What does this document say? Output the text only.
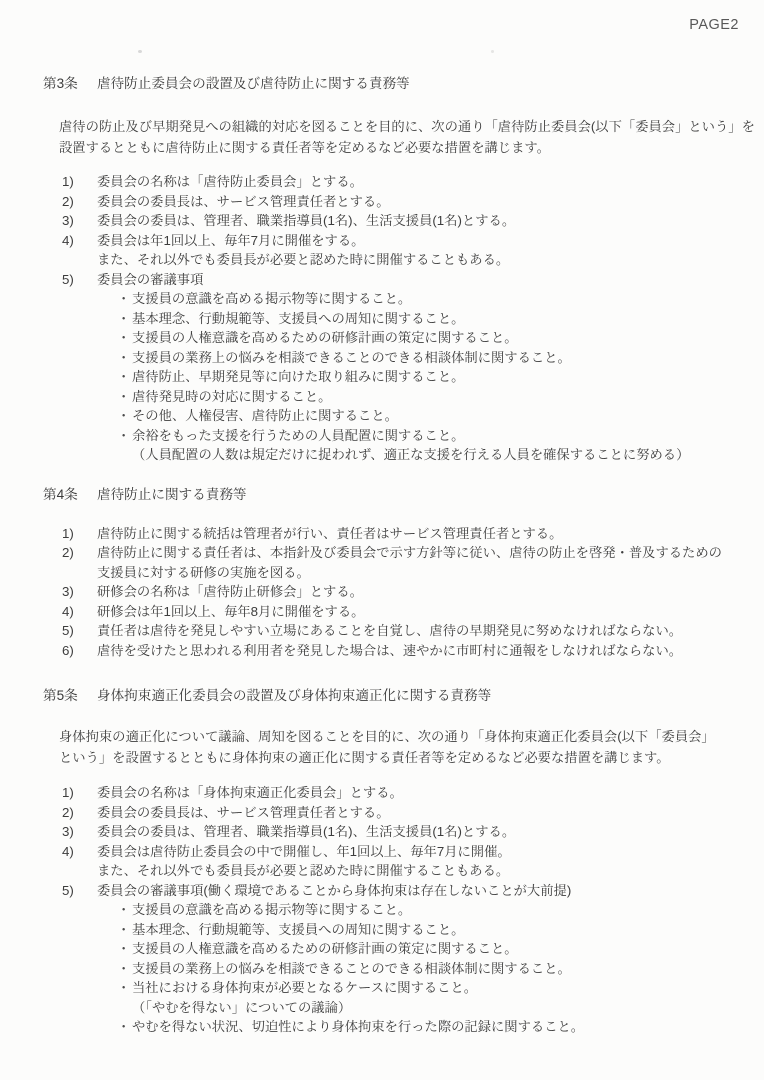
PAGE2
第3条	虐待防止委員会の設置及び虐待防止に関する責務等
虐待の防止及び早期発見への組織的対応を図ることを目的に、次の通り「虐待防止委員会(以下「委員会」という」を
設置するとともに虐待防止に関する責任者等を定めるなど必要な措置を講じます。
1)	委員会の名称は「虐待防止委員会」とする。
2)	委員会の委員長は、サービス管理責任者とする。
3)	委員会の委員は、管理者、職業指導員(1名)、生活支援員(1名)とする。
4)	委員会は年1回以上、毎年7月に開催をする。
また、それ以外でも委員長が必要と認めた時に開催することもある。
5)	委員会の審議事項
・ 支援員の意識を高める掲示物等に関すること。
・ 基本理念、行動規範等、支援員への周知に関すること。
・ 支援員の人権意識を高めるための研修計画の策定に関すること。
・ 支援員の業務上の悩みを相談できることのできる相談体制に関すること。
・ 虐待防止、早期発見等に向けた取り組みに関すること。
・ 虐待発見時の対応に関すること。
・ その他、人権侵害、虐待防止に関すること。
・ 余裕をもった支援を行うための人員配置に関すること。
（人員配置の人数は規定だけに捉われず、適正な支援を行える人員を確保することに努める）
第4条	虐待防止に関する責務等
1)	虐待防止に関する統括は管理者が行い、責任者はサービス管理責任者とする。
2)	虐待防止に関する責任者は、本指針及び委員会で示す方針等に従い、虐待の防止を啓発・普及するための
支援員に対する研修の実施を図る。
3)	研修会の名称は「虐待防止研修会」とする。
4)	研修会は年1回以上、毎年8月に開催をする。
5)	責任者は虐待を発見しやすい立場にあることを自覚し、虐待の早期発見に努めなければならない。
6)	虐待を受けたと思われる利用者を発見した場合は、速やかに市町村に通報をしなければならない。
第5条	身体拘束適正化委員会の設置及び身体拘束適正化に関する責務等
身体拘束の適正化について議論、周知を図ることを目的に、次の通り「身体拘束適正化委員会(以下「委員会」
という」を設置するとともに身体拘束の適正化に関する責任者等を定めるなど必要な措置を講じます。
1)	委員会の名称は「身体拘束適正化委員会」とする。
2)	委員会の委員長は、サービス管理責任者とする。
3)	委員会の委員は、管理者、職業指導員(1名)、生活支援員(1名)とする。
4)	委員会は虐待防止委員会の中で開催し、年1回以上、毎年7月に開催。
また、それ以外でも委員長が必要と認めた時に開催することもある。
5)	委員会の審議事項(働く環境であることから身体拘束は存在しないことが大前提)
・ 支援員の意識を高める掲示物等に関すること。
・ 基本理念、行動規範等、支援員への周知に関すること。
・ 支援員の人権意識を高めるための研修計画の策定に関すること。
・ 支援員の業務上の悩みを相談できることのできる相談体制に関すること。
・ 当社における身体拘束が必要となるケースに関すること。
（「やむを得ない」についての議論）
・ やむを得ない状況、切迫性により身体拘束を行った際の記録に関すること。
